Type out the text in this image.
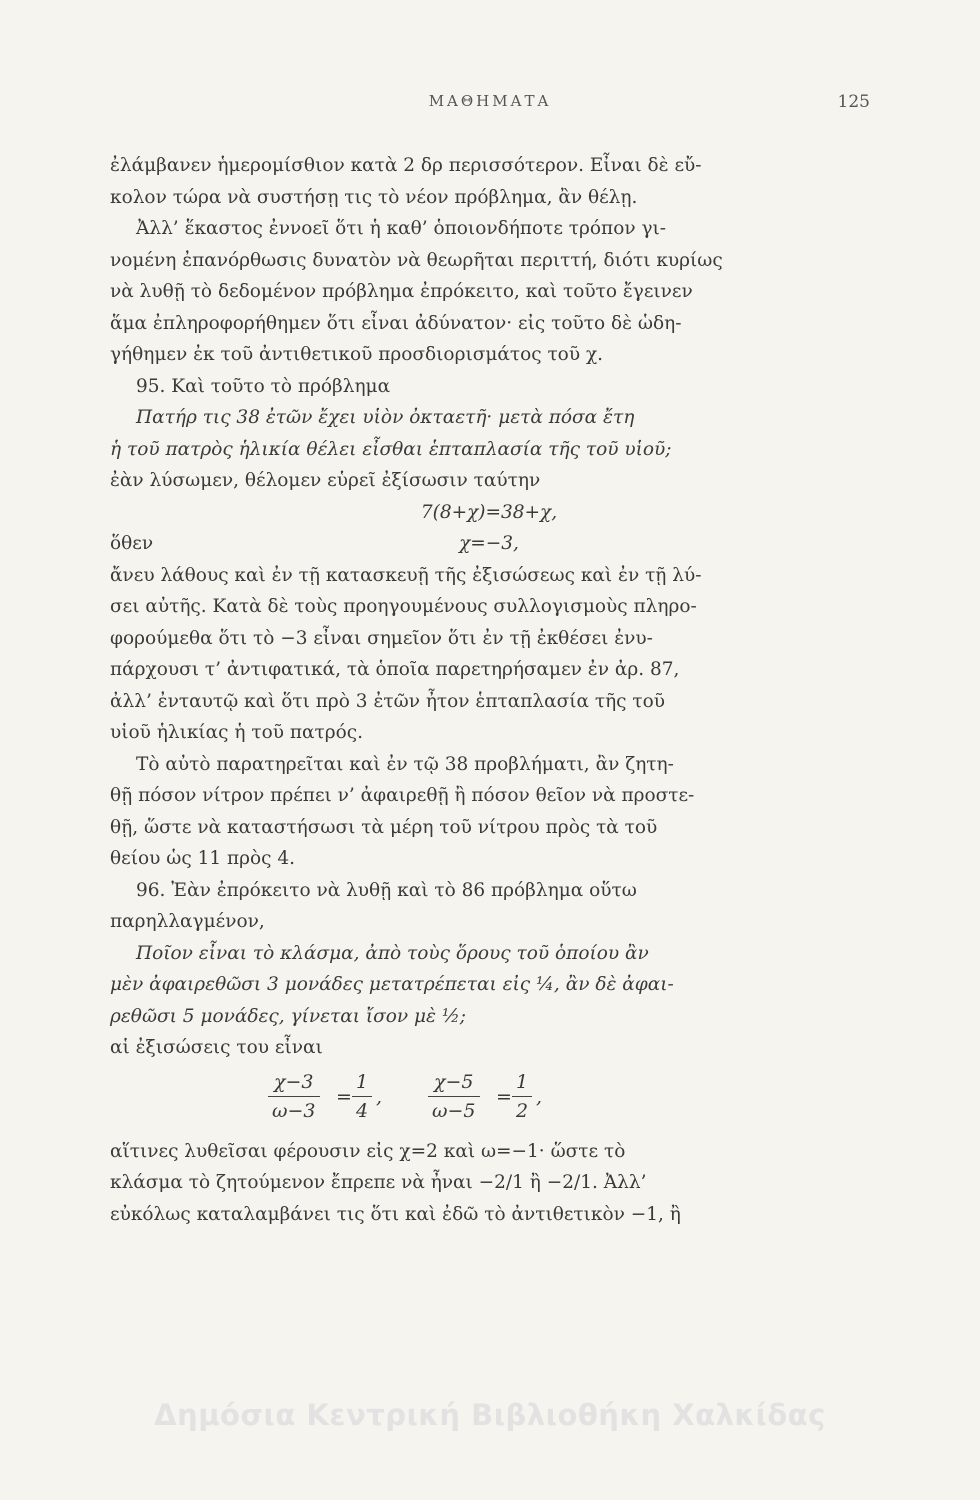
ΜΑΘΗΜΑΤΑ	125

ἐλάμβανεν ἡμερομίσθιον κατὰ 2 δρ περισσότερον. Εἶναι δὲ εὔ-

κολον τώρα νὰ συστήσῃ τις τὸ νέον πρόβλημα, ἂν θέλῃ.

Ἀλλ’ ἕκαστος ἐννοεῖ ὅτι ἡ καθ’ ὁποιονδήποτε τρόπον γι-

νομένη ἐπανόρθωσις δυνατὸν νὰ θεωρῆται περιττή, διότι κυρίως

νὰ λυθῇ τὸ δεδομένον πρόβλημα ἐπρόκειτο, καὶ τοῦτο ἔγεινεν

ἅμα ἐπληροφορήθημεν ὅτι εἶναι ἀδύνατον· εἰς τοῦτο δὲ ὡδη-

γήθημεν ἐκ τοῦ ἀντιθετικοῦ προσδιορισμάτος τοῦ χ.

95. Καὶ τοῦτο τὸ πρόβλημα

Πατήρ τις 38 ἐτῶν ἔχει υἱὸν ὀκταετῆ· μετὰ πόσα ἔτη

ἡ τοῦ πατρὸς ἡλικία θέλει εἶσθαι ἑπταπλασία τῆς τοῦ υἱοῦ;

ἐὰν λύσωμεν, θέλομεν εὑρεῖ ἐξίσωσιν ταύτην

7(8+χ)=38+χ,
ὅθεν	χ=−3,

ἄνευ λάθους καὶ ἐν τῇ κατασκευῇ τῆς ἐξισώσεως καὶ ἐν τῇ λύ-

σει αὐτῆς. Κατὰ δὲ τοὺς προηγουμένους συλλογισμοὺς πληρο-

φορούμεθα ὅτι τὸ −3 εἶναι σημεῖον ὅτι ἐν τῇ ἐκθέσει ἐνυ-

πάρχουσι τ’ ἀντιφατικά, τὰ ὁποῖα παρετηρήσαμεν ἐν ἀρ. 87,

ἀλλ’ ἐνταυτῷ καὶ ὅτι πρὸ 3 ἐτῶν ἦτον ἑπταπλασία τῆς τοῦ

υἱοῦ ἡλικίας ἡ τοῦ πατρός.

Τὸ αὐτὸ παρατηρεῖται καὶ ἐν τῷ 38 προβλήματι, ἂν ζητη-

θῇ πόσον νίτρον πρέπει ν’ ἀφαιρεθῇ ἢ πόσον θεῖον νὰ προστε-

θῇ, ὥστε νὰ καταστήσωσι τὰ μέρη τοῦ νίτρου πρὸς τὰ τοῦ

θείου ὡς 11 πρὸς 4.

96. Ἐὰν ἐπρόκειτο νὰ λυθῇ καὶ τὸ 86 πρόβλημα οὕτω

παρηλλαγμένον,

Ποῖον εἶναι τὸ κλάσμα, ἀπὸ τοὺς ὅρους τοῦ ὁποίου ἂν

μὲν ἀφαιρεθῶσι 3 μονάδες μετατρέπεται εἰς ¼, ἂν δὲ ἀφαι-

ρεθῶσι 5 μονάδες, γίνεται ἴσον μὲ ½;

αἱ ἐξισώσεις του εἶναι

$\frac{\chi-3}{\omega-3} = \frac{1}{4}$ , $\frac{\chi-5}{\omega-5} = \frac{1}{2}$ ,

αἵτινες λυθεῖσαι φέρουσιν εἰς χ=2 καὶ ω=−1· ὥστε τὸ

κλάσμα τὸ ζητούμενον ἔπρεπε νὰ ἦναι −2/1 ἢ −2/1. Ἀλλ’

εὐκόλως καταλαμβάνει τις ὅτι καὶ ἐδῶ τὸ ἀντιθετικὸν −1, ἢ

Δημόσια Κεντρική Βιβλιοθήκη Χαλκίδας
